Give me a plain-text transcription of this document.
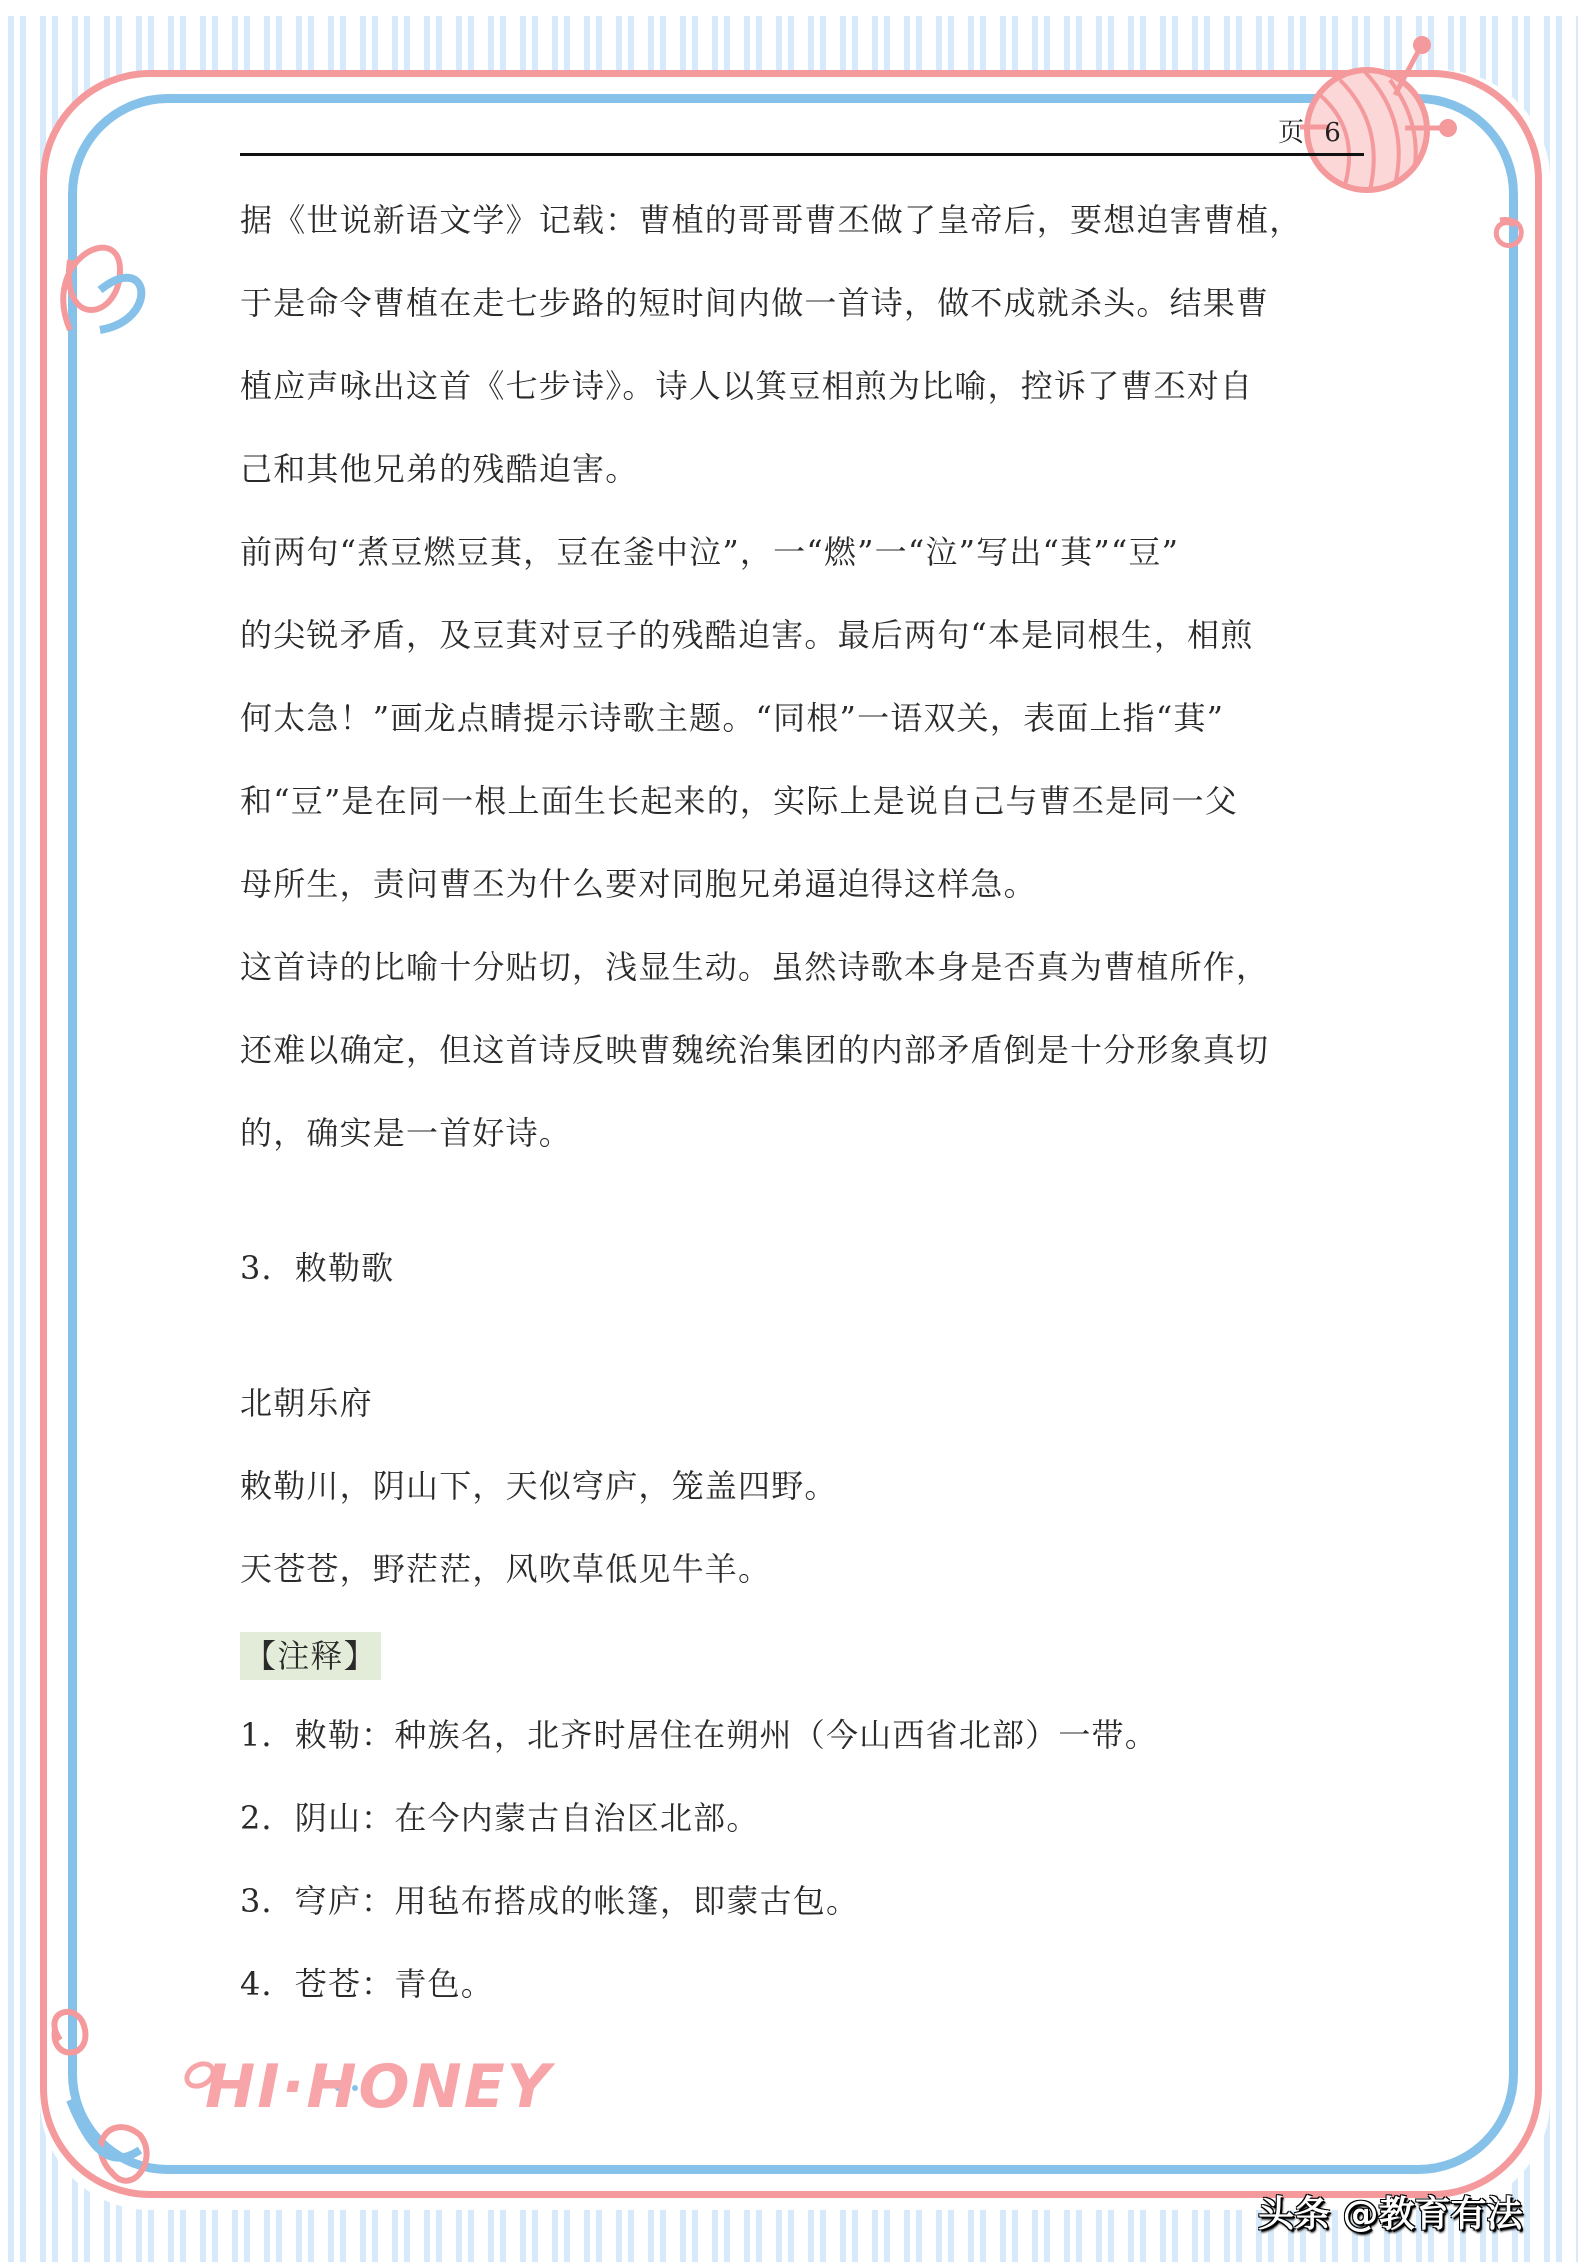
HI·HONEY
页 6
据《世说新语文学》记载：曹植的哥哥曹丕做了皇帝后，要想迫害曹植，
于是命令曹植在走七步路的短时间内做一首诗，做不成就杀头。结果曹
植应声咏出这首《七步诗》。诗人以箕豆相煎为比喻，控诉了曹丕对自
己和其他兄弟的残酷迫害。
前两句“煮豆燃豆萁，豆在釜中泣”，一“燃”一“泣”写出“萁”“豆”
的尖锐矛盾，及豆萁对豆子的残酷迫害。最后两句“本是同根生，相煎
何太急！”画龙点睛提示诗歌主题。“同根”一语双关，表面上指“萁”
和“豆”是在同一根上面生长起来的，实际上是说自己与曹丕是同一父
母所生，责问曹丕为什么要对同胞兄弟逼迫得这样急。
这首诗的比喻十分贴切，浅显生动。虽然诗歌本身是否真为曹植所作，
还难以确定，但这首诗反映曹魏统治集团的内部矛盾倒是十分形象真切
的，确实是一首好诗。
3．敕勒歌
北朝乐府
敕勒川，阴山下，天似穹庐，笼盖四野。
天苍苍，野茫茫，风吹草低见牛羊。
【注释】
1．敕勒：种族名，北齐时居住在朔州（今山西省北部）一带。
2．阴山：在今内蒙古自治区北部。
3．穹庐：用毡布搭成的帐篷，即蒙古包。
4．苍苍：青色。
头条 @教育有法
